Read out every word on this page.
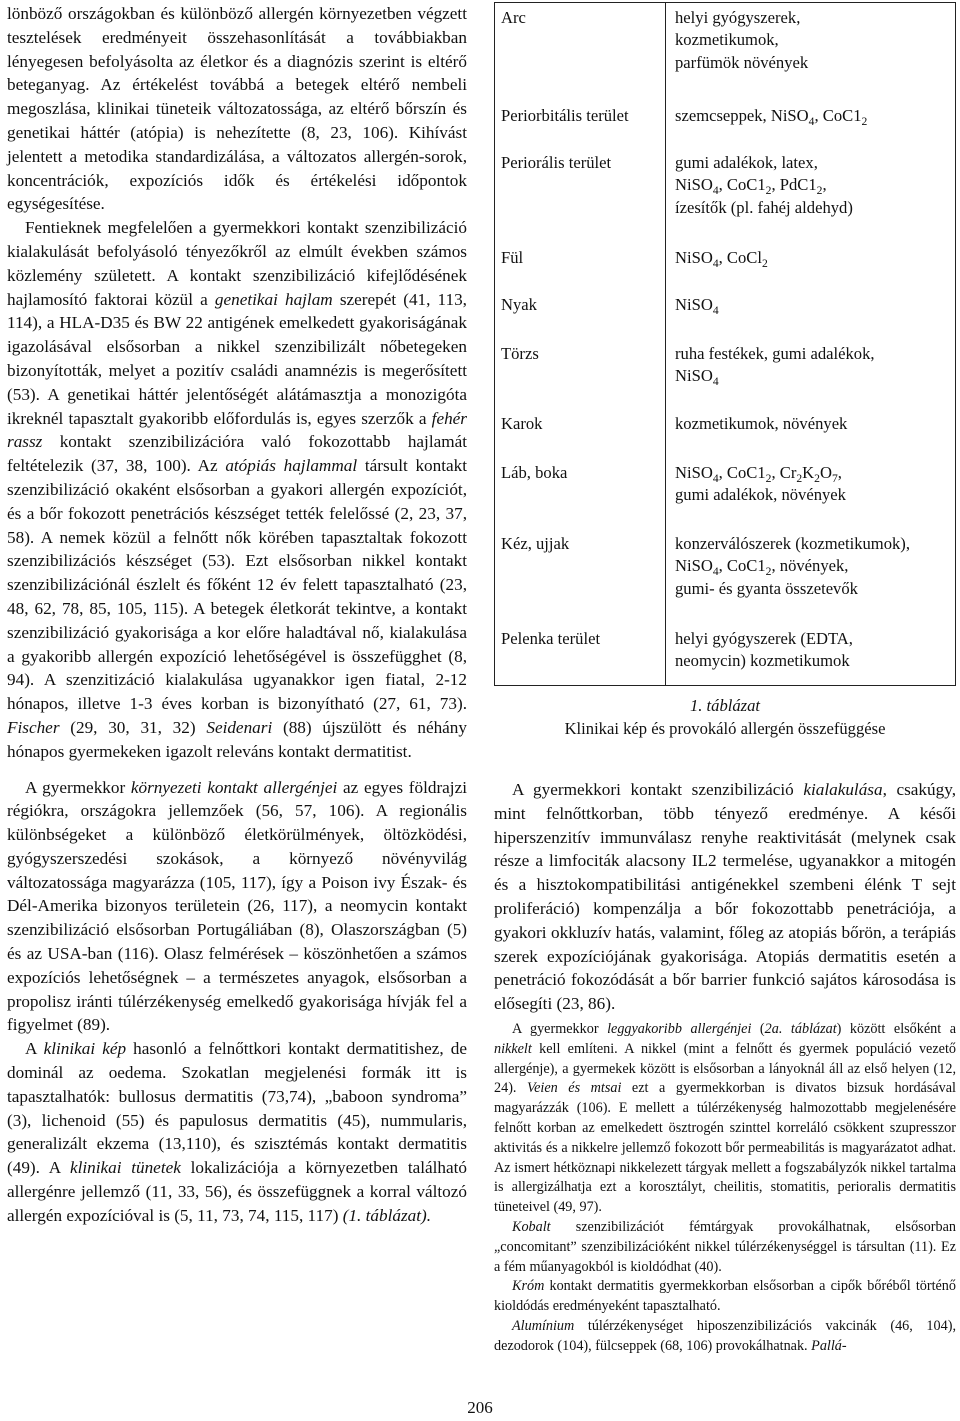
lönböző országokban és különböző allergén környezetben végzett tesztelések eredményeit összehasonlítását a továbbiakban lényegesen befolyásolta az életkor és a diagnózis szerint is eltérő beteganyag. Az értékelést továbbá a betegek eltérő nembeli megoszlása, klinikai tüneteik változatossága, az eltérő bőrszín és genetikai háttér (atópia) is nehezítette (8, 23, 106). Kihívást jelentett a metodika standardizálása, a változatos allergén-sorok, koncentrációk, expozíciós idők és értékelési időpontok egységesítése.

Fentieknek megfelelően a gyermekkori kontakt szenzibilizáció kialakulását befolyásoló tényezőkről az elmúlt években számos közlemény született. A kontakt szenzibilizáció kifejlődésének hajlamosító faktorai közül a genetikai hajlam szerepét (41, 113, 114), a HLA-D35 és BW 22 antigének emelkedett gyakoriságának igazolásával elsősorban a nikkel szenzibilizált nőbetegeken bizonyították, melyet a pozitív családi anamnézis is megerősített (53). A genetikai háttér jelentőségét alátámasztja a monozigóta ikreknél tapasztalt gyakoribb előfordulás is, egyes szerzők a fehér rassz kontakt szenzibilizációra való fokozottabb hajlamát feltételezik (37, 38, 100). Az atópiás hajlammal társult kontakt szenzibilizáció okaként elsősorban a gyakori allergén expozíciót, és a bőr fokozott penetrációs készséget tették felelőssé (2, 23, 37, 58). A nemek közül a felnőtt nők körében tapasztaltak fokozott szenzibilizációs készséget (53). Ezt elsősorban nikkel kontakt szenzibilizációnál észlelt és főként 12 év felett tapasztalható (23, 48, 62, 78, 85, 105, 115). A betegek életkorát tekintve, a kontakt szenzibilizáció gyakorisága a kor előre haladtával nő, kialakulása a gyakoribb allergén expozíció lehetőségével is összefügghet (8, 94). A szenzitizáció kialakulása ugyanakkor igen fiatal, 2-12 hónapos, illetve 1-3 éves korban is bizonyítható (27, 61, 73). Fischer (29, 30, 31, 32) Seidenari (88) újszülött és néhány hónapos gyermekeken igazolt releváns kontakt dermatitist.

A gyermekkor környezeti kontakt allergénjei az egyes földrajzi régiókra, országokra jellemzőek (56, 57, 106). A regionális különbségeket a különböző életkörülmények, öltözködési, gyógyszerszedési szokások, a környező növényvilág változatossága magyarázza (105, 117), így a Poison ivy Észak- és Dél-Amerika bizonyos területein (26, 117), a neomycin kontakt szenzibilizáció elsősorban Portugáliában (8), Olaszországban (5) és az USA-ban (116). Olasz felmérések – köszönhetően a számos expozíciós lehetőségnek – a természetes anyagok, elsősorban a propolisz iránti túlérzékenység emelkedő gyakorisága hívják fel a figyelmet (89).

A klinikai kép hasonló a felnőttkori kontakt dermatitishez, de dominál az oedema. Szokatlan megjelenési formák itt is tapasztalhatók: bullosus dermatitis (73,74), „baboon syndroma” (3), lichenoid (55) és papulosus dermatitis (45), nummularis, generalizált ekzema (13,110), és szisztémás kontakt dermatitis (49). A klinikai tünetek lokalizációja a környezetben található allergénre jellemző (11, 33, 56), és összefüggnek a korral változó allergén expozícióval is (5, 11, 73, 74, 115, 117) (1. táblázat).

Arc	helyi gyógyszerek,
kozmetikumok,
parfümök növények
Periorbitális terület	szemcseppek, NiSO$_4$, $CoC1_2$
Periorális terület	gumi adalékok, latex,
NiSO$_4$, $CoC1_2$, $PdC1_2$,
ízesítők (pl. fahéj aldehyd)
Fül	NiSO$_4$, CoCl$_2$
Nyak	NiSO$_4$
Törzs	ruha festékek, gumi adalékok,
NiSO$_4$
Karok	kozmetikumok, növények
Láb, boka	NiSO$_4$, $CoC1_2$, $Cr_2K_2O_7$,
gumi adalékok, növények
Kéz, ujjak	konzerválószerek (kozmetikumok),
NiSO$_4$, $CoC1_2$, növények,
gumi- és gyanta összetevők
Pelenka terület	helyi gyógyszerek (EDTA,
neomycin) kozmetikumok
1. táblázat
Klinikai kép és provokáló allergén összefüggése

A gyermekkori kontakt szenzibilizáció kialakulása, csakúgy, mint felnőttkorban, több tényező eredménye. A késői hiperszenzitív immunválasz renyhe reaktivitását (melynek csak része a limfociták alacsony IL2 termelése, ugyanakkor a mitogén és a hisztokompatibilitási antigénekkel szembeni élénk T sejt proliferáció) kompenzálja a bőr fokozottabb penetrációja, a gyakori okkluzív hatás, valamint, főleg az atopiás bőrön, a terápiás szerek expozíciójának gyakorisága. Atopiás dermatitis esetén a penetráció fokozódását a bőr barrier funkció sajátos károsodása is elősegíti (23, 86).

A gyermekkor leggyakoribb allergénjei (2a. táblázat) között elsőként a nikkelt kell említeni. A nikkel (mint a felnőtt és gyermek populáció vezető allergénje), a gyermekek között is elsősorban a lányoknál áll az első helyen (12, 24). Veien és mtsai ezt a gyermekkorban is divatos bizsuk hordásával magyarázzák (106). E mellett a túlérzékenység halmozottabb megjelenésére felnőtt korban az emelkedett ösztrogén szinttel korreláló csökkent szupresszor aktivitás és a nikkelre jellemző fokozott bőr permeabilitás is magyarázatot adhat. Az ismert hétköznapi nikkelezett tárgyak mellett a fogszabályzók nikkel tartalma is allergizálhatja ezt a korosztályt, cheilitis, stomatitis, perioralis dermatitis tüneteivel (49, 97).

Kobalt szenzibilizációt fémtárgyak provokálhatnak, elsősorban „concomitant” szenzibilizációként nikkel túlérzékenységgel is társultan (11). Ez a fém műanyagokból is kioldódhat (40).

Króm kontakt dermatitis gyermekkorban elsősorban a cipők bőréből történő kioldódás eredményeként tapasztalható.

Alumínium túlérzékenységet hiposzenzibilizációs vakcinák (46, 104), dezodorok (104), fülcseppek (68, 106) provokálhatnak. Pallá-

206
